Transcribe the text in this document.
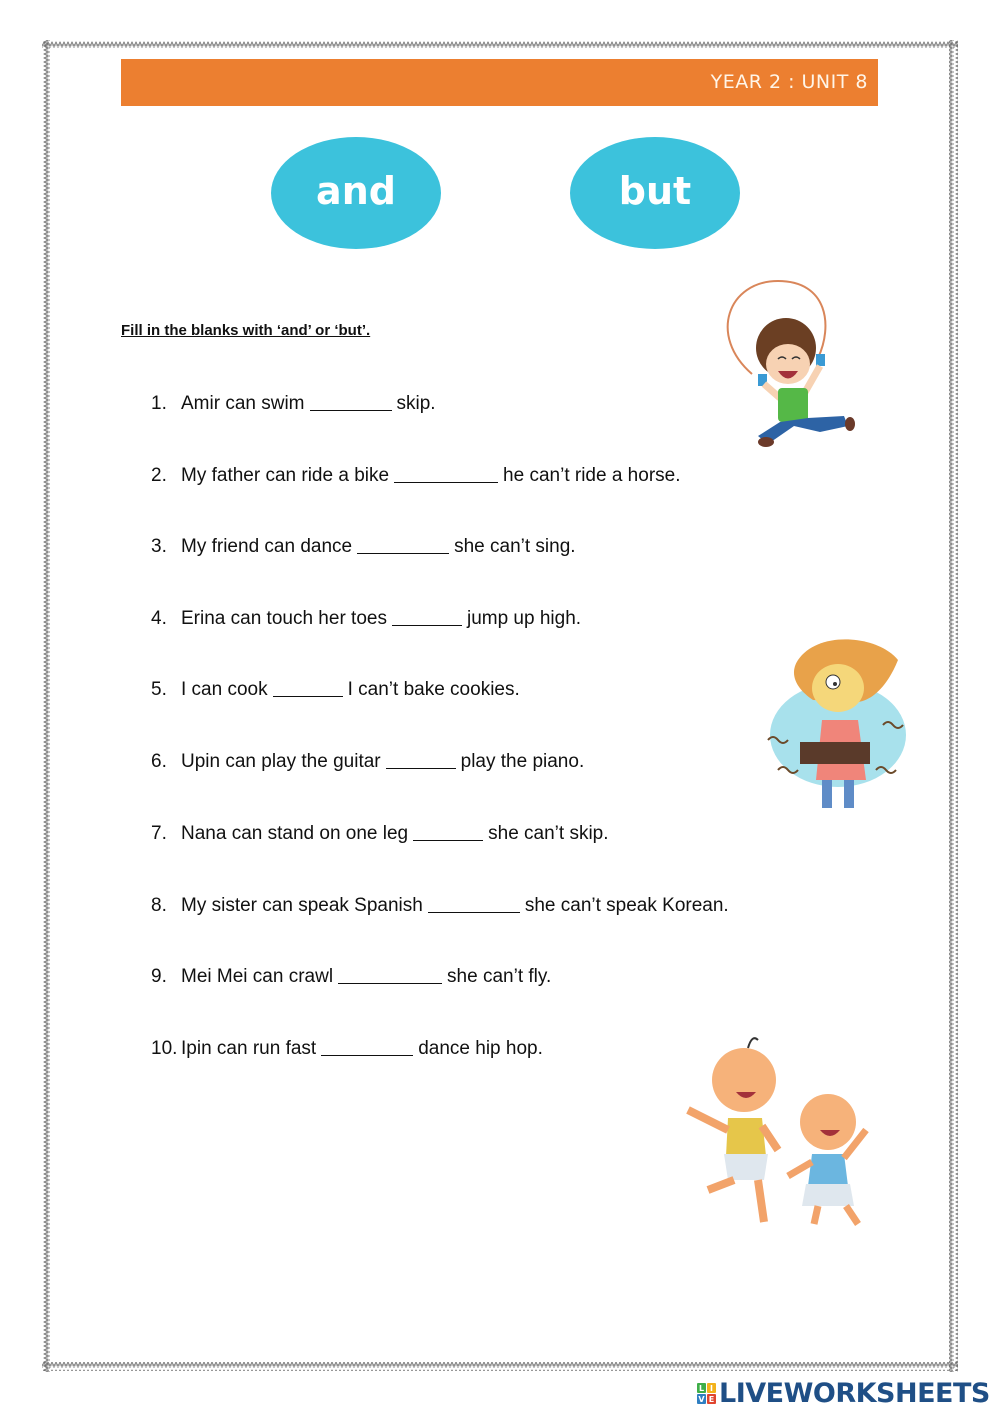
YEAR 2 : UNIT 8
and	but
Fill in the blanks with ‘and’ or ‘but’.
1. Amir can swim	skip.
2. My father can ride a bike	he can’t ride a horse.
3. My friend can dance	she can’t sing.
4. Erina can touch her toes	jump up high.
5. I can cook	I can’t bake cookies.
6. Upin can play the guitar	play the piano.
7. Nana can stand on one leg	she can’t skip.
8. My sister can speak Spanish	she can’t speak Korean.
9. Mei Mei can crawl	she can’t fly.
10. Ipin can run fast	dance hip hop.
L I
V E LIVEWORKSHEETS
